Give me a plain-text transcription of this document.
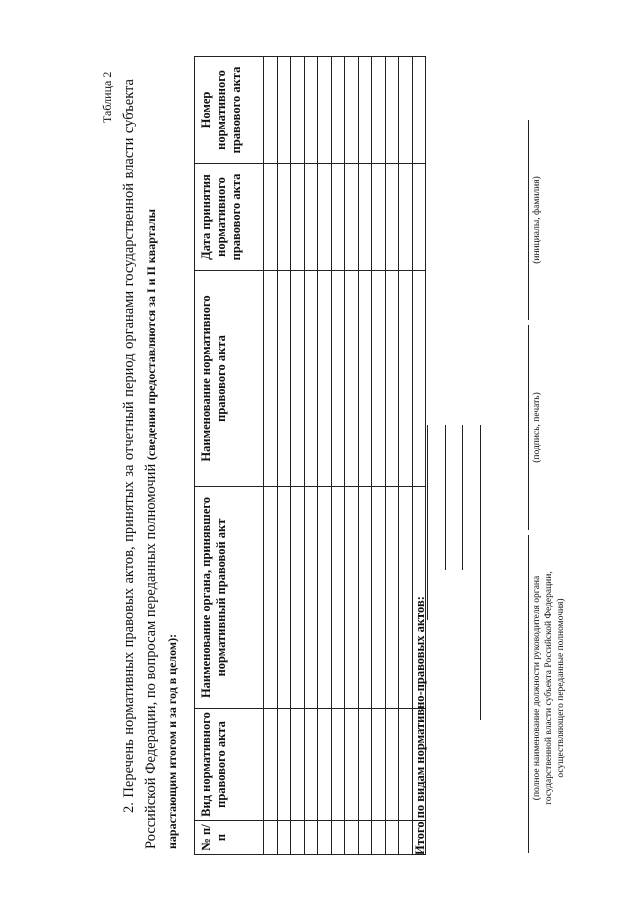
Таблица 2 2. Перечень нормативных правовых актов, принятых за отчетный период органами государственной власти субъекта Российской Федерации, по вопросам переданных полномочий (сведения предоставляются за I и II кварталы
нарастающим итогом и за год в целом): № п/п	Вид нормативного правового акта	Наименование органа, принявшего нормативный правовой акт	Наименование нормативного правового акта	Дата принятия нормативного правового акта	Номер нормативного правового акта

Итого по видам нормативно-правовых актов:	(полное наименование должности руководителя органа государственной власти субъекта Российской Федерации, осуществляющего переданные полномочия)
(подпись, печать)
(инициалы, фамилия)
